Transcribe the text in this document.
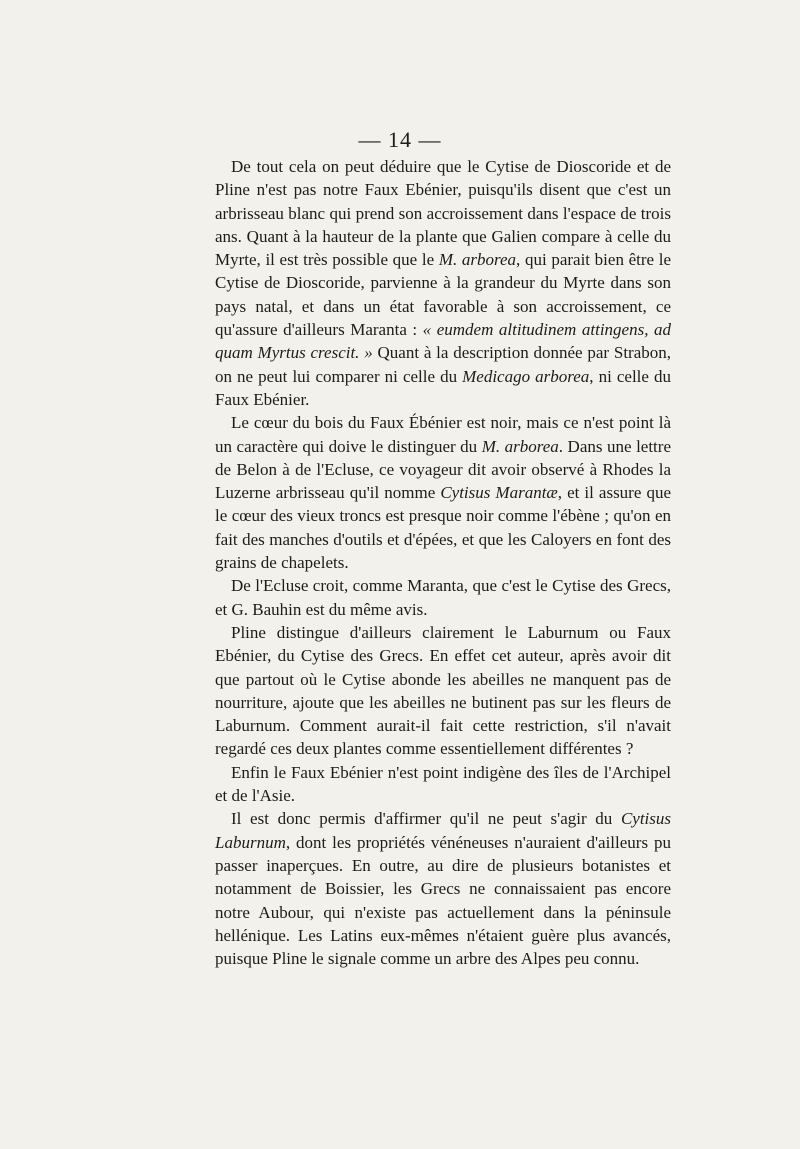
— 14 —

De tout cela on peut déduire que le Cytise de Dioscoride et de Pline n'est pas notre Faux Ebénier, puisqu'ils disent que c'est un arbrisseau blanc qui prend son accroissement dans l'espace de trois ans. Quant à la hauteur de la plante que Galien compare à celle du Myrte, il est très possible que le M. arborea, qui parait bien être le Cytise de Dioscoride, parvienne à la grandeur du Myrte dans son pays natal, et dans un état favorable à son accroissement, ce qu'assure d'ailleurs Maranta : « eumdem altitudinem attingens, ad quam Myrtus crescit. » Quant à la description donnée par Strabon, on ne peut lui comparer ni celle du Medicago arborea, ni celle du Faux Ebénier.

Le cœur du bois du Faux Ébénier est noir, mais ce n'est point là un caractère qui doive le distinguer du M. arborea. Dans une lettre de Belon à de l'Ecluse, ce voyageur dit avoir observé à Rhodes la Luzerne arbrisseau qu'il nomme Cytisus Marantæ, et il assure que le cœur des vieux troncs est presque noir comme l'ébène ; qu'on en fait des manches d'outils et d'épées, et que les Caloyers en font des grains de chapelets.

De l'Ecluse croit, comme Maranta, que c'est le Cytise des Grecs, et G. Bauhin est du même avis.

Pline distingue d'ailleurs clairement le Laburnum ou Faux Ebénier, du Cytise des Grecs. En effet cet auteur, après avoir dit que partout où le Cytise abonde les abeilles ne manquent pas de nourriture, ajoute que les abeilles ne butinent pas sur les fleurs de Laburnum. Comment aurait-il fait cette restriction, s'il n'avait regardé ces deux plantes comme essentiellement différentes ?

Enfin le Faux Ebénier n'est point indigène des îles de l'Archipel et de l'Asie.

Il est donc permis d'affirmer qu'il ne peut s'agir du Cytisus Laburnum, dont les propriétés vénéneuses n'auraient d'ailleurs pu passer inaperçues. En outre, au dire de plusieurs botanistes et notamment de Boissier, les Grecs ne connaissaient pas encore notre Aubour, qui n'existe pas actuellement dans la péninsule hellénique. Les Latins eux-mêmes n'étaient guère plus avancés, puisque Pline le signale comme un arbre des Alpes peu connu.
